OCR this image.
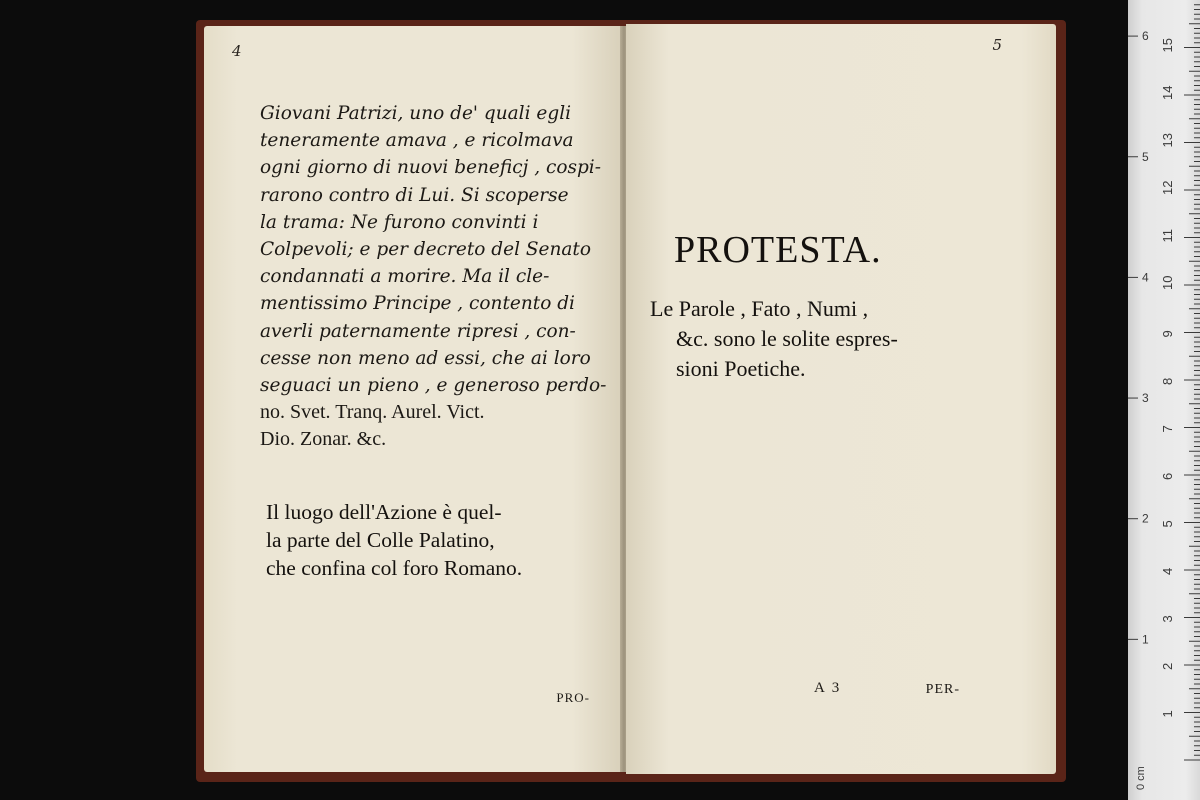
4

Giovani Patrizi, uno de' quali egli
teneramente amava , e ricolmava
ogni giorno di nuovi beneficj , cospi-
rarono contro di Lui. Si scoperse
la trama: Ne furono convinti i
Colpevoli; e per decreto del Senato
condannati a morire. Ma il cle-
mentissimo Principe , contento di
averli paternamente ripresi , con-
cesse non meno ad essi, che ai loro
seguaci un pieno , e generoso perdo-
no. Svet. Tranq. Aurel. Vict.
Dio. Zonar. &c.
Il luogo dell'Azione è quel-
la parte del Colle Palatino,
che confina col foro Romano.
PRO-
5
PROTESTA.
Le Parole , Fato , Numi ,
&c. sono le solite espres-
sioni Poetiche.
A 3	PER-
15
14
13
12
11
10
9
8
7
6
5
4
3
2
1
1
2
3
4
5
6
0 cm
